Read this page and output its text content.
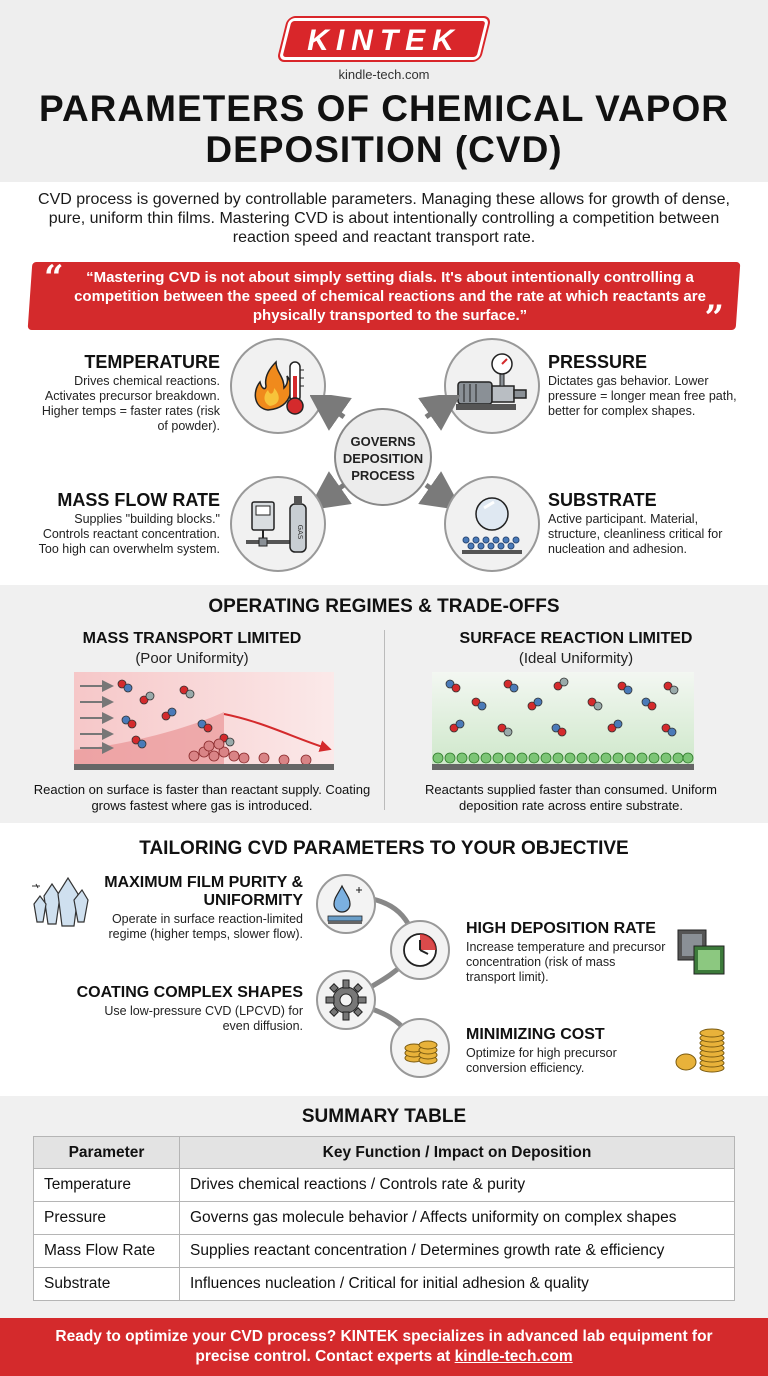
KINTEK
kindle-tech.com
PARAMETERS OF CHEMICAL VAPOR DEPOSITION (CVD)
CVD process is governed by controllable parameters. Managing these allows for growth of dense, pure, uniform thin films. Mastering CVD is about intentionally controlling a competition between reaction speed and reactant transport rate.
“	“Mastering CVD is not about simply setting dials. It's about intentionally controlling a competition between the speed of chemical reactions and the rate at which reactants are physically transported to the surface.”	”
TEMPERATURE
Drives chemical reactions. Activates precursor breakdown. Higher temps = faster rates (risk of powder).
PRESSURE
Dictates gas behavior. Lower pressure = longer mean free path, better for complex shapes.
GOVERNS DEPOSITION PROCESS
MASS FLOW RATE
Supplies "building blocks." Controls reactant concentration. Too high can overwhelm system.
GAS
SUBSTRATE
Active participant. Material, structure, cleanliness critical for nucleation and adhesion.
OPERATING REGIMES & TRADE-OFFS
MASS TRANSPORT LIMITED
(Poor Uniformity)
Reaction on surface is faster than reactant supply. Coating grows fastest where gas is introduced.
SURFACE REACTION LIMITED
(Ideal Uniformity)
Reactants supplied faster than consumed. Uniform deposition rate across entire substrate.
TAILORING CVD PARAMETERS TO YOUR OBJECTIVE
MAXIMUM FILM PURITY & UNIFORMITY
Operate in surface reaction-limited regime (higher temps, slower flow).	HIGH DEPOSITION RATE
Increase temperature and precursor concentration (risk of mass transport limit).
COATING COMPLEX SHAPES
Use low-pressure CVD (LPCVD) for even diffusion.	MINIMIZING COST
Optimize for high precursor conversion efficiency.
SUMMARY TABLE
Parameter	Key Function / Impact on Deposition
Temperature	Drives chemical reactions / Controls rate & purity
Pressure	Governs gas molecule behavior / Affects uniformity on complex shapes
Mass Flow Rate	Supplies reactant concentration / Determines growth rate & efficiency
Substrate	Influences nucleation / Critical for initial adhesion & quality
Ready to optimize your CVD process? KINTEK specializes in advanced lab equipment for precise control. Contact experts at kindle-tech.com
